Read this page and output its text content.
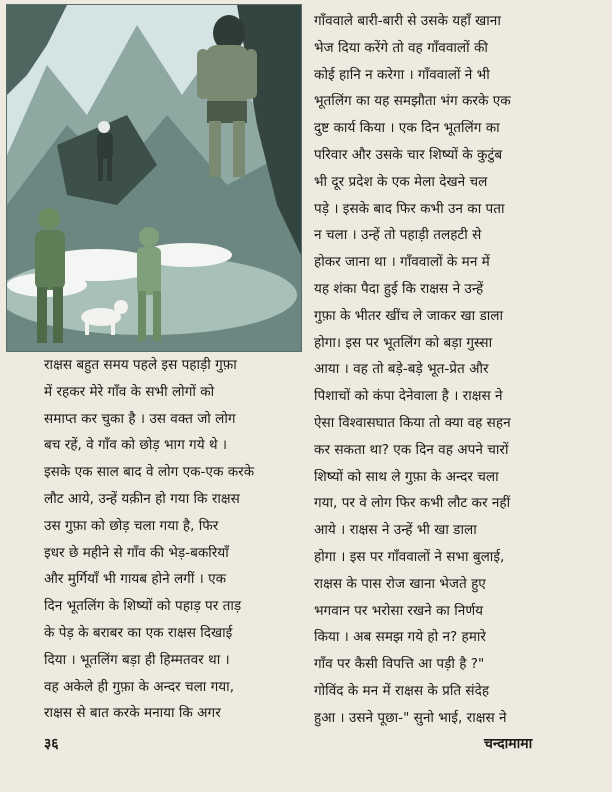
राक्षस बहुत समय पहले इस पहाड़ी गुफ़ा
में रहकर मेरे गाँव के सभी लोगों को
समाप्त कर चुका है । उस वक्त जो लोग
बच रहें, वे गाँव को छोड़ भाग गये थे ।
इसके एक साल बाद वे लोग एक-एक करके
लौट आये, उन्हें यक़ीन हो गया कि राक्षस
उस गुफ़ा को छोड़ चला गया है, फिर
इधर छे महीने से गाँव की भेड़-बकरियाँ
और मुर्गियाँ भी गायब होने लगीं । एक
दिन भूतलिंग के शिष्यों को पहाड़ पर ताड़
के पेड़ के बराबर का एक राक्षस दिखाई
दिया । भूतलिंग बड़ा ही हिम्मतवर था ।
वह अकेले ही गुफ़ा के अन्दर चला गया,
राक्षस से बात करके मनाया कि अगर
गाँववाले बारी-बारी से उसके यहाँ खाना
भेज दिया करेंगे तो वह गाँववालों की
कोई हानि न करेगा । गाँववालों ने भी
भूतलिंग का यह समझौता भंग करके एक
दुष्ट कार्य किया । एक दिन भूतलिंग का
परिवार और उसके चार शिष्यों के कुटुंब
भी दूर प्रदेश के एक मेला देखने चल
पड़े । इसके बाद फिर कभी उन का पता
न चला । उन्हें तो पहाड़ी तलहटी से
होकर जाना था । गाँववालों के मन में
यह शंका पैदा हुई कि राक्षस ने उन्हें
गुफ़ा के भीतर खींच ले जाकर खा डाला
होगा। इस पर भूतलिंग को बड़ा गुस्सा
आया । वह तो बड़े-बड़े भूत-प्रेत और
पिशाचों को कंपा देनेवाला है । राक्षस ने
ऐसा विश्वासघात किया तो क्या वह सहन
कर सकता था? एक दिन वह अपने चारों
शिष्यों को साथ ले गुफ़ा के अन्दर चला
गया, पर वे लोग फिर कभी लौट कर नहीं
आये । राक्षस ने उन्हें भी खा डाला
होगा । इस पर गाँववालों ने सभा बुलाई,
राक्षस के पास रोज खाना भेजते हुए
भगवान पर भरोसा रखने का निर्णय
किया । अब समझ गये हो न? हमारे
गाँव पर कैसी विपत्ति आ पड़ी है ?"
गोविंद के मन में राक्षस के प्रति संदेह
हुआ । उसने पूछा-" सुनो भाई, राक्षस ने
३६	चन्दामामा
